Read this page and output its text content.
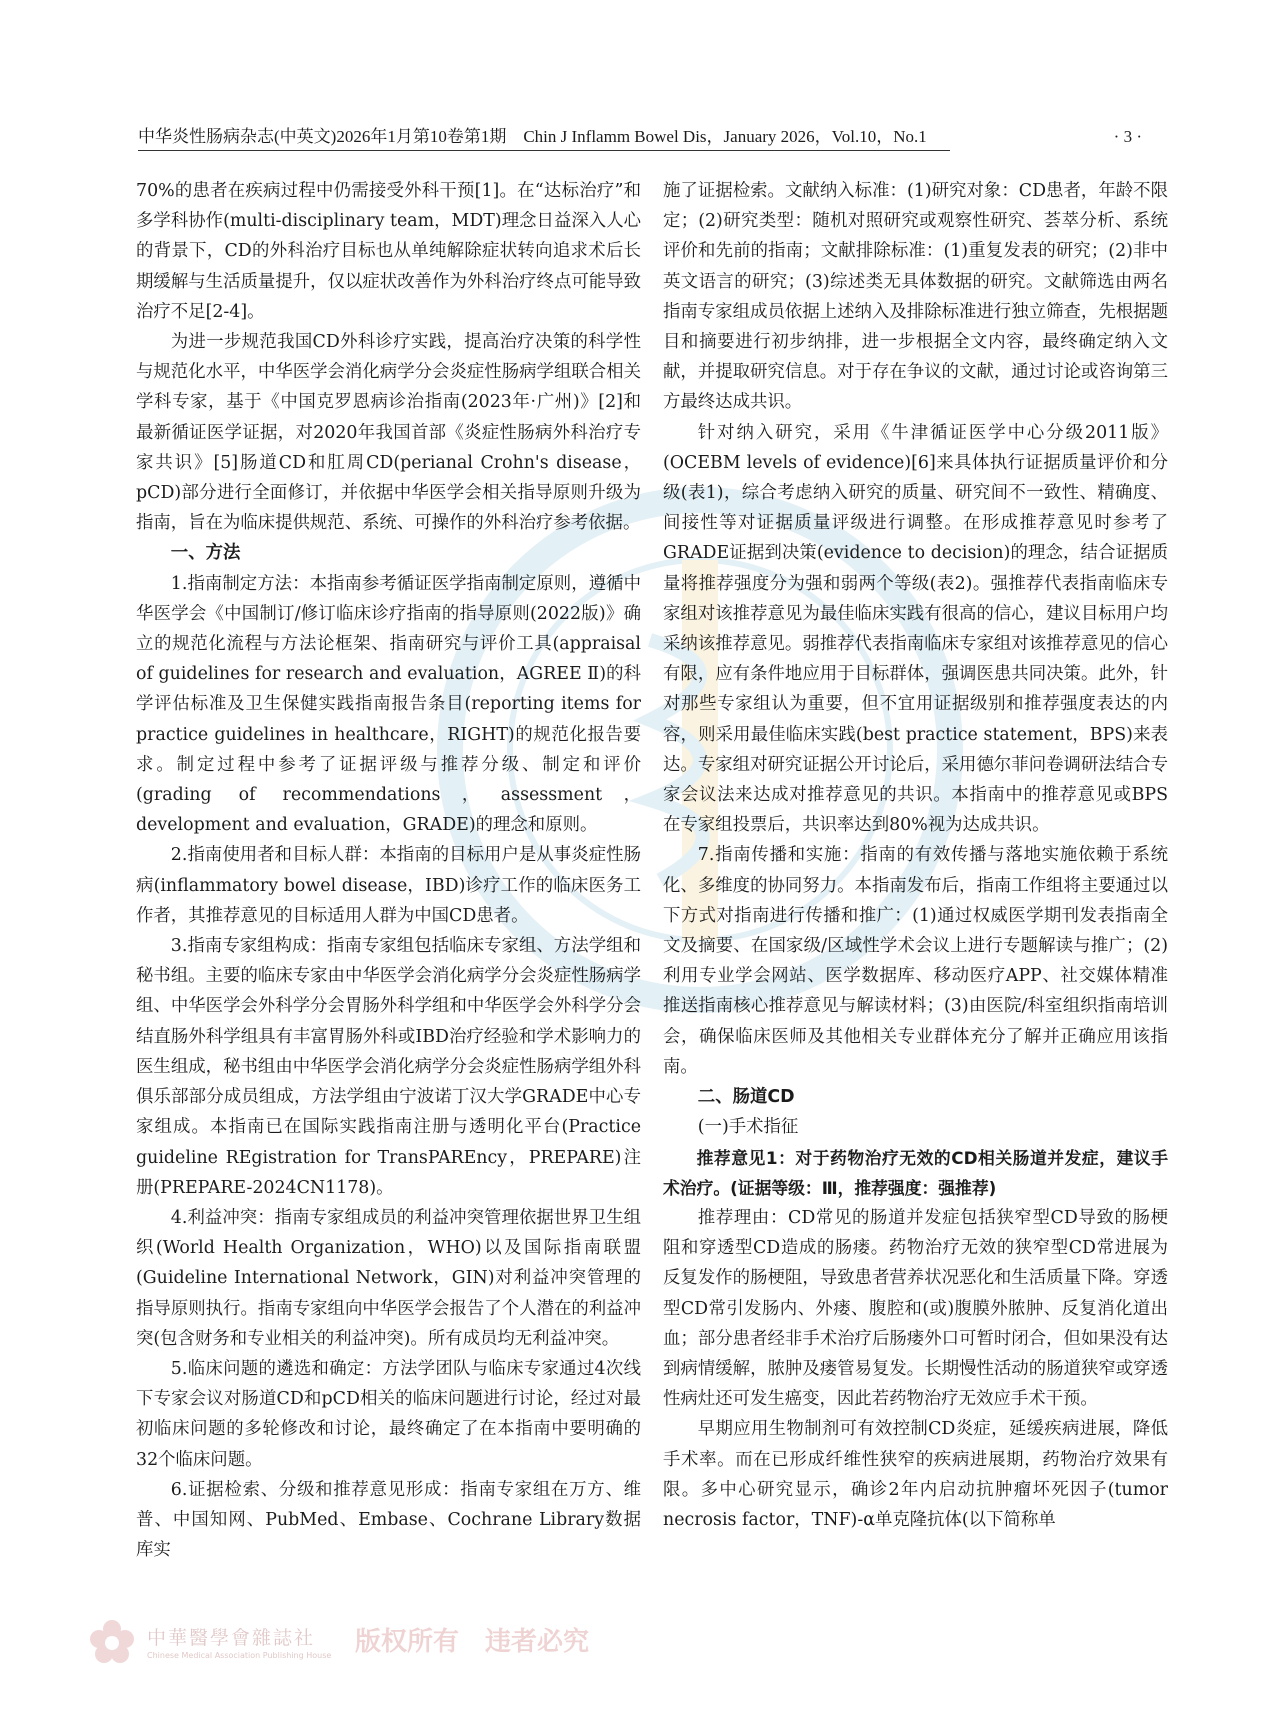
中华炎性肠病杂志(中英文)2026年1月第10卷第1期　Chin J Inflamm Bowel Dis，January 2026，Vol.10，No.1	· 3 ·

70%的患者在疾病过程中仍需接受外科干预[1]。在“达标治疗”和多学科协作(multi-disciplinary team，MDT)理念日益深入人心的背景下，CD的外科治疗目标也从单纯解除症状转向追求术后长期缓解与生活质量提升，仅以症状改善作为外科治疗终点可能导致治疗不足[2-4]。

为进一步规范我国CD外科诊疗实践，提高治疗决策的科学性与规范化水平，中华医学会消化病学分会炎症性肠病学组联合相关学科专家，基于《中国克罗恩病诊治指南(2023年·广州)》[2]和最新循证医学证据，对2020年我国首部《炎症性肠病外科治疗专家共识》[5]肠道CD和肛周CD(perianal Crohn's disease，pCD)部分进行全面修订，并依据中华医学会相关指导原则升级为指南，旨在为临床提供规范、系统、可操作的外科治疗参考依据。

一、方法

1.指南制定方法：本指南参考循证医学指南制定原则，遵循中华医学会《中国制订/修订临床诊疗指南的指导原则(2022版)》确立的规范化流程与方法论框架、指南研究与评价工具(appraisal of guidelines for research and evaluation，AGREE Ⅱ)的科学评估标准及卫生保健实践指南报告条目(reporting items for practice guidelines in healthcare，RIGHT)的规范化报告要求。制定过程中参考了证据评级与推荐分级、制定和评价(grading of recommendations，assessment，development and evaluation，GRADE)的理念和原则。

2.指南使用者和目标人群：本指南的目标用户是从事炎症性肠病(inflammatory bowel disease，IBD)诊疗工作的临床医务工作者，其推荐意见的目标适用人群为中国CD患者。

3.指南专家组构成：指南专家组包括临床专家组、方法学组和秘书组。主要的临床专家由中华医学会消化病学分会炎症性肠病学组、中华医学会外科学分会胃肠外科学组和中华医学会外科学分会结直肠外科学组具有丰富胃肠外科或IBD治疗经验和学术影响力的医生组成，秘书组由中华医学会消化病学分会炎症性肠病学组外科俱乐部部分成员组成，方法学组由宁波诺丁汉大学GRADE中心专家组成。本指南已在国际实践指南注册与透明化平台(Practice guideline REgistration for TransPAREncy，PREPARE)注册(PREPARE-2024CN1178)。

4.利益冲突：指南专家组成员的利益冲突管理依据世界卫生组织(World Health Organization，WHO)以及国际指南联盟(Guideline International Network，GIN)对利益冲突管理的指导原则执行。指南专家组向中华医学会报告了个人潜在的利益冲突(包含财务和专业相关的利益冲突)。所有成员均无利益冲突。

5.临床问题的遴选和确定：方法学团队与临床专家通过4次线下专家会议对肠道CD和pCD相关的临床问题进行讨论，经过对最初临床问题的多轮修改和讨论，最终确定了在本指南中要明确的32个临床问题。

6.证据检索、分级和推荐意见形成：指南专家组在万方、维普、中国知网、PubMed、Embase、Cochrane Library数据库实

施了证据检索。文献纳入标准：(1)研究对象：CD患者，年龄不限定；(2)研究类型：随机对照研究或观察性研究、荟萃分析、系统评价和先前的指南；文献排除标准：(1)重复发表的研究；(2)非中英文语言的研究；(3)综述类无具体数据的研究。文献筛选由两名指南专家组成员依据上述纳入及排除标准进行独立筛查，先根据题目和摘要进行初步纳排，进一步根据全文内容，最终确定纳入文献，并提取研究信息。对于存在争议的文献，通过讨论或咨询第三方最终达成共识。

针对纳入研究，采用《牛津循证医学中心分级2011版》(OCEBM levels of evidence)[6]来具体执行证据质量评价和分级(表1)，综合考虑纳入研究的质量、研究间不一致性、精确度、间接性等对证据质量评级进行调整。在形成推荐意见时参考了GRADE证据到决策(evidence to decision)的理念，结合证据质量将推荐强度分为强和弱两个等级(表2)。强推荐代表指南临床专家组对该推荐意见为最佳临床实践有很高的信心，建议目标用户均采纳该推荐意见。弱推荐代表指南临床专家组对该推荐意见的信心有限，应有条件地应用于目标群体，强调医患共同决策。此外，针对那些专家组认为重要，但不宜用证据级别和推荐强度表达的内容，则采用最佳临床实践(best practice statement，BPS)来表达。专家组对研究证据公开讨论后，采用德尔菲问卷调研法结合专家会议法来达成对推荐意见的共识。本指南中的推荐意见或BPS在专家组投票后，共识率达到80%视为达成共识。

7.指南传播和实施：指南的有效传播与落地实施依赖于系统化、多维度的协同努力。本指南发布后，指南工作组将主要通过以下方式对指南进行传播和推广：(1)通过权威医学期刊发表指南全文及摘要、在国家级/区域性学术会议上进行专题解读与推广；(2)利用专业学会网站、医学数据库、移动医疗APP、社交媒体精准推送指南核心推荐意见与解读材料；(3)由医院/科室组织指南培训会，确保临床医师及其他相关专业群体充分了解并正确应用该指南。

二、肠道CD
(一)手术指征

推荐意见1：对于药物治疗无效的CD相关肠道并发症，建议手术治疗。(证据等级：Ⅲ，推荐强度：强推荐)

推荐理由：CD常见的肠道并发症包括狭窄型CD导致的肠梗阻和穿透型CD造成的肠瘘。药物治疗无效的狭窄型CD常进展为反复发作的肠梗阻，导致患者营养状况恶化和生活质量下降。穿透型CD常引发肠内、外瘘、腹腔和(或)腹膜外脓肿、反复消化道出血；部分患者经非手术治疗后肠瘘外口可暂时闭合，但如果没有达到病情缓解，脓肿及瘘管易复发。长期慢性活动的肠道狭窄或穿透性病灶还可发生癌变，因此若药物治疗无效应手术干预。

早期应用生物制剂可有效控制CD炎症，延缓疾病进展，降低手术率。而在已形成纤维性狭窄的疾病进展期，药物治疗效果有限。多中心研究显示，确诊2年内启动抗肿瘤坏死因子(tumor necrosis factor，TNF)-α单克隆抗体(以下简称单

中華醫學會雜誌社
Chinese Medical Association Publishing House 版权所有 违者必究
